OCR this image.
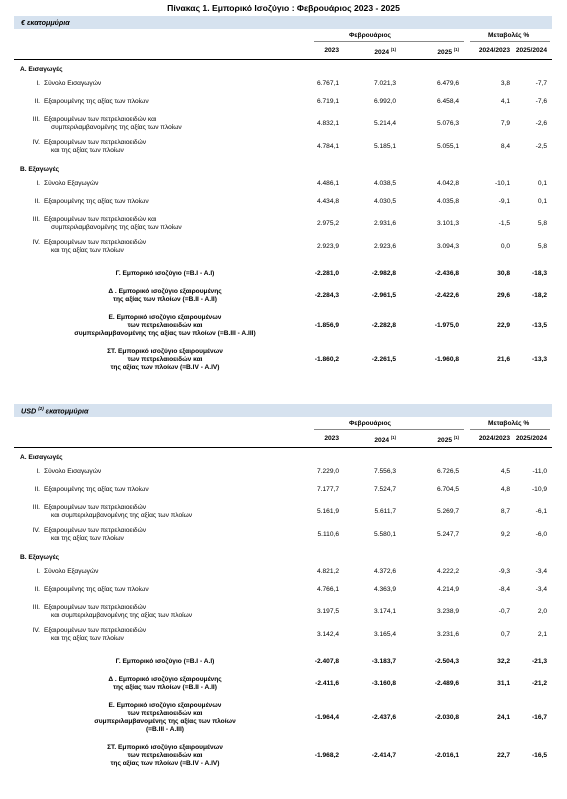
Πίνακας 1. Εμπορικό Ισοζύγιο : Φεβρουάριος 2023 - 2025
€ εκατομμύρια
Φεβρουάριος	Μεταβολές %
2023	2024 $^{(1)}$	2025 $^{(1)}$	2024/2023 2025/2024
Α. Εισαγωγές
I. Σύνολο Εισαγωγών	6.767,1	7.021,3	6.479,6	3,8	-7,7
II. Εξαιρουμένης της αξίας των πλοίων	6.719,1	6.992,0	6.458,4	4,1	-7,6
III. Εξαιρουμένων των πετρελαιοειδών και
συμπεριλαμβανομένης της αξίας των πλοίων
4.832,1	5.214,4	5.076,3	7,9	-2,6
IV. Εξαιρουμένων των πετρελαιοειδών
και της αξίας των πλοίων
4.784,1	5.185,1	5.055,1	8,4	-2,5
Β. Εξαγωγές
I. Σύνολο Εξαγωγών	4.486,1	4.038,5	4.042,8	-10,1	0,1
II. Εξαιρουμένης της αξίας των πλοίων	4.434,8	4.030,5	4.035,8	-9,1	0,1
III. Εξαιρουμένων των πετρελαιοειδών και
συμπεριλαμβανομένης της αξίας των πλοίων
2.975,2	2.931,6	3.101,3	-1,5	5,8
IV. Εξαιρουμένων των πετρελαιοειδών
και της αξίας των πλοίων
2.923,9	2.923,6	3.094,3	0,0	5,8
Γ. Εμπορικό ισοζύγιο (=B.I - A.I)	-2.281,0	-2.982,8	-2.436,8	30,8	-18,3
Δ . Εμπορικό ισοζύγιο εξαιρουμένης
της αξίας των πλοίων (=B.II - A.II)
-2.284,3	-2.961,5	-2.422,6	29,6	-18,2
Ε. Εμπορικό ισοζύγιο εξαιρουμένων
των πετρελαιοειδών και
συμπεριλαμβανομένης της αξίας των πλοίων (=B.III - A.III)
-1.856,9	-2.282,8	-1.975,0	22,9	-13,5
ΣΤ. Εμπορικό ισοζύγιο εξαιρουμένων
των πετρελαιοειδών και
της αξίας των πλοίων (=B.IV - A.IV)
-1.860,2	-2.261,5	-1.960,8	21,6	-13,3
USD $^{(2)}$ εκατομμύρια
Φεβρουάριος	Μεταβολές %
2023	2024 $^{(1)}$	2025 $^{(1)}$	2024/2023 2025/2024
Α. Εισαγωγές
I. Σύνολο Εισαγωγών	7.229,0	7.556,3	6.726,5	4,5	-11,0
II. Εξαιρουμένης της αξίας των πλοίων	7.177,7	7.524,7	6.704,5	4,8	-10,9
III. Εξαιρουμένων των πετρελαιοειδών
και συμπεριλαμβανομένης της αξίας των πλοίων
5.161,9	5.611,7	5.269,7	8,7	-6,1
IV. Εξαιρουμένων των πετρελαιοειδών
και της αξίας των πλοίων
5.110,6	5.580,1	5.247,7	9,2	-6,0
Β. Εξαγωγές
I. Σύνολο Εξαγωγών	4.821,2	4.372,6	4.222,2	-9,3	-3,4
II. Εξαιρουμένης της αξίας των πλοίων	4.766,1	4.363,9	4.214,9	-8,4	-3,4
III. Εξαιρουμένων των πετρελαιοειδών
και συμπεριλαμβανομένης της αξίας των πλοίων
3.197,5	3.174,1	3.238,9	-0,7	2,0
IV. Εξαιρουμένων των πετρελαιοειδών
και της αξίας των πλοίων
3.142,4	3.165,4	3.231,6	0,7	2,1
Γ. Εμπορικό ισοζύγιο (=B.I - A.I)	-2.407,8	-3.183,7	-2.504,3	32,2	-21,3
Δ . Εμπορικό ισοζύγιο εξαιρουμένης
της αξίας των πλοίων (=B.II - A.II)
-2.411,6	-3.160,8	-2.489,6	31,1	-21,2
Ε. Εμπορικό ισοζύγιο εξαιρουμένων
των πετρελαιοειδών και
συμπεριλαμβανομένης της αξίας των πλοίων
(=B.III - A.III)
-1.964,4	-2.437,6	-2.030,8	24,1	-16,7
ΣΤ. Εμπορικό ισοζύγιο εξαιρουμένων
των πετρελαιοειδών και
της αξίας των πλοίων (=B.IV - A.IV)
-1.968,2	-2.414,7	-2.016,1	22,7	-16,5
